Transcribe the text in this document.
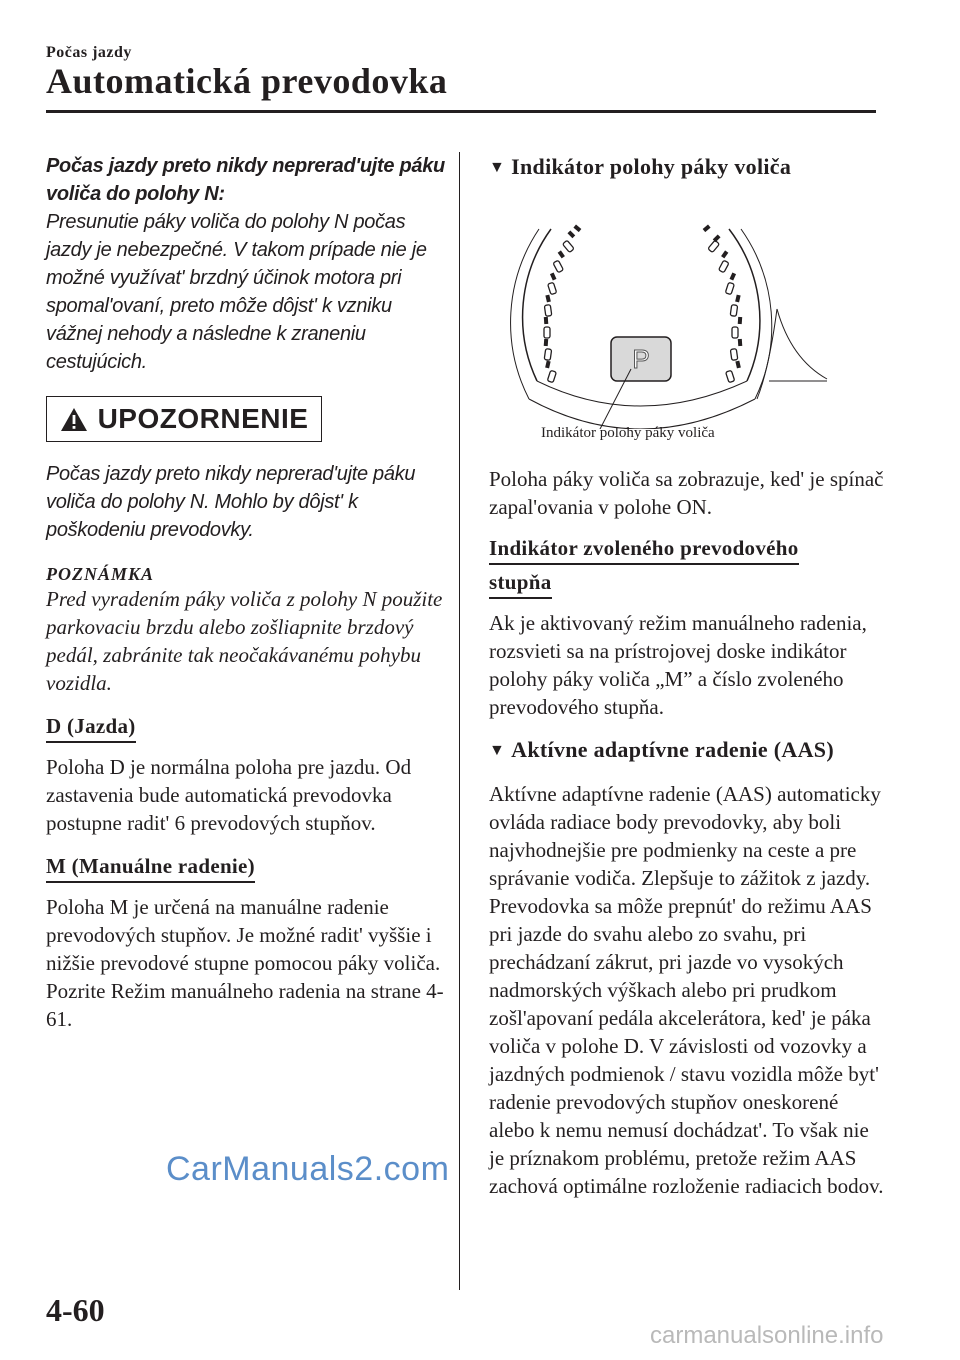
Počas jazdy
Automatická prevodovka
Počas jazdy preto nikdy neprerad'ujte páku voliča do polohy N:
Presunutie páky voliča do polohy N počas jazdy je nebezpečné. V takom prípade nie je možné využívat' brzdný účinok motora pri spomal'ovaní, preto môže dôjst' k vzniku vážnej nehody a následne k zraneniu cestujúcich.
UPOZORNENIE
Počas jazdy preto nikdy neprerad'ujte páku voliča do polohy N. Mohlo by dôjst' k poškodeniu prevodovky.
POZNÁMKA
Pred vyradením páky voliča z polohy N použite parkovaciu brzdu alebo zošliapnite brzdový pedál, zabránite tak neočakávanému pohybu vozidla.
D (Jazda)
Poloha D je normálna poloha pre jazdu. Od zastavenia bude automatická prevodovka postupne radit' 6 prevodových stupňov.
M (Manuálne radenie)
Poloha M je určená na manuálne radenie prevodových stupňov. Je možné radit' vyššie i nižšie prevodové stupne pomocou páky voliča. Pozrite Režim manuálneho radenia na strane 4-61.
▼ Indikátor polohy páky voliča
P
Indikátor polohy páky voliča
Poloha páky voliča sa zobrazuje, ked' je spínač zapal'ovania v polohe ON.
Indikátor zvoleného prevodového
stupňa
Ak je aktivovaný režim manuálneho radenia, rozsvieti sa na prístrojovej doske indikátor polohy páky voliča „M” a číslo zvoleného prevodového stupňa.
▼ Aktívne adaptívne radenie (AAS)
Aktívne adaptívne radenie (AAS) automaticky ovláda radiace body prevodovky, aby boli najvhodnejšie pre podmienky na ceste a pre správanie vodiča. Zlepšuje to zážitok z jazdy. Prevodovka sa môže prepnút' do režimu AAS pri jazde do svahu alebo zo svahu, pri prechádzaní zákrut, pri jazde vo vysokých nadmorských výškach alebo pri prudkom zošl'apovaní pedála akcelerátora, ked' je páka voliča v polohe D. V závislosti od vozovky a jazdných podmienok / stavu vozidla môže byt' radenie prevodových stupňov oneskorené alebo k nemu nemusí dochádzat'. To však nie je príznakom problému, pretože režim AAS zachová optimálne rozloženie radiacich bodov.
CarManuals2.com
4-60
carmanualsonline.info
